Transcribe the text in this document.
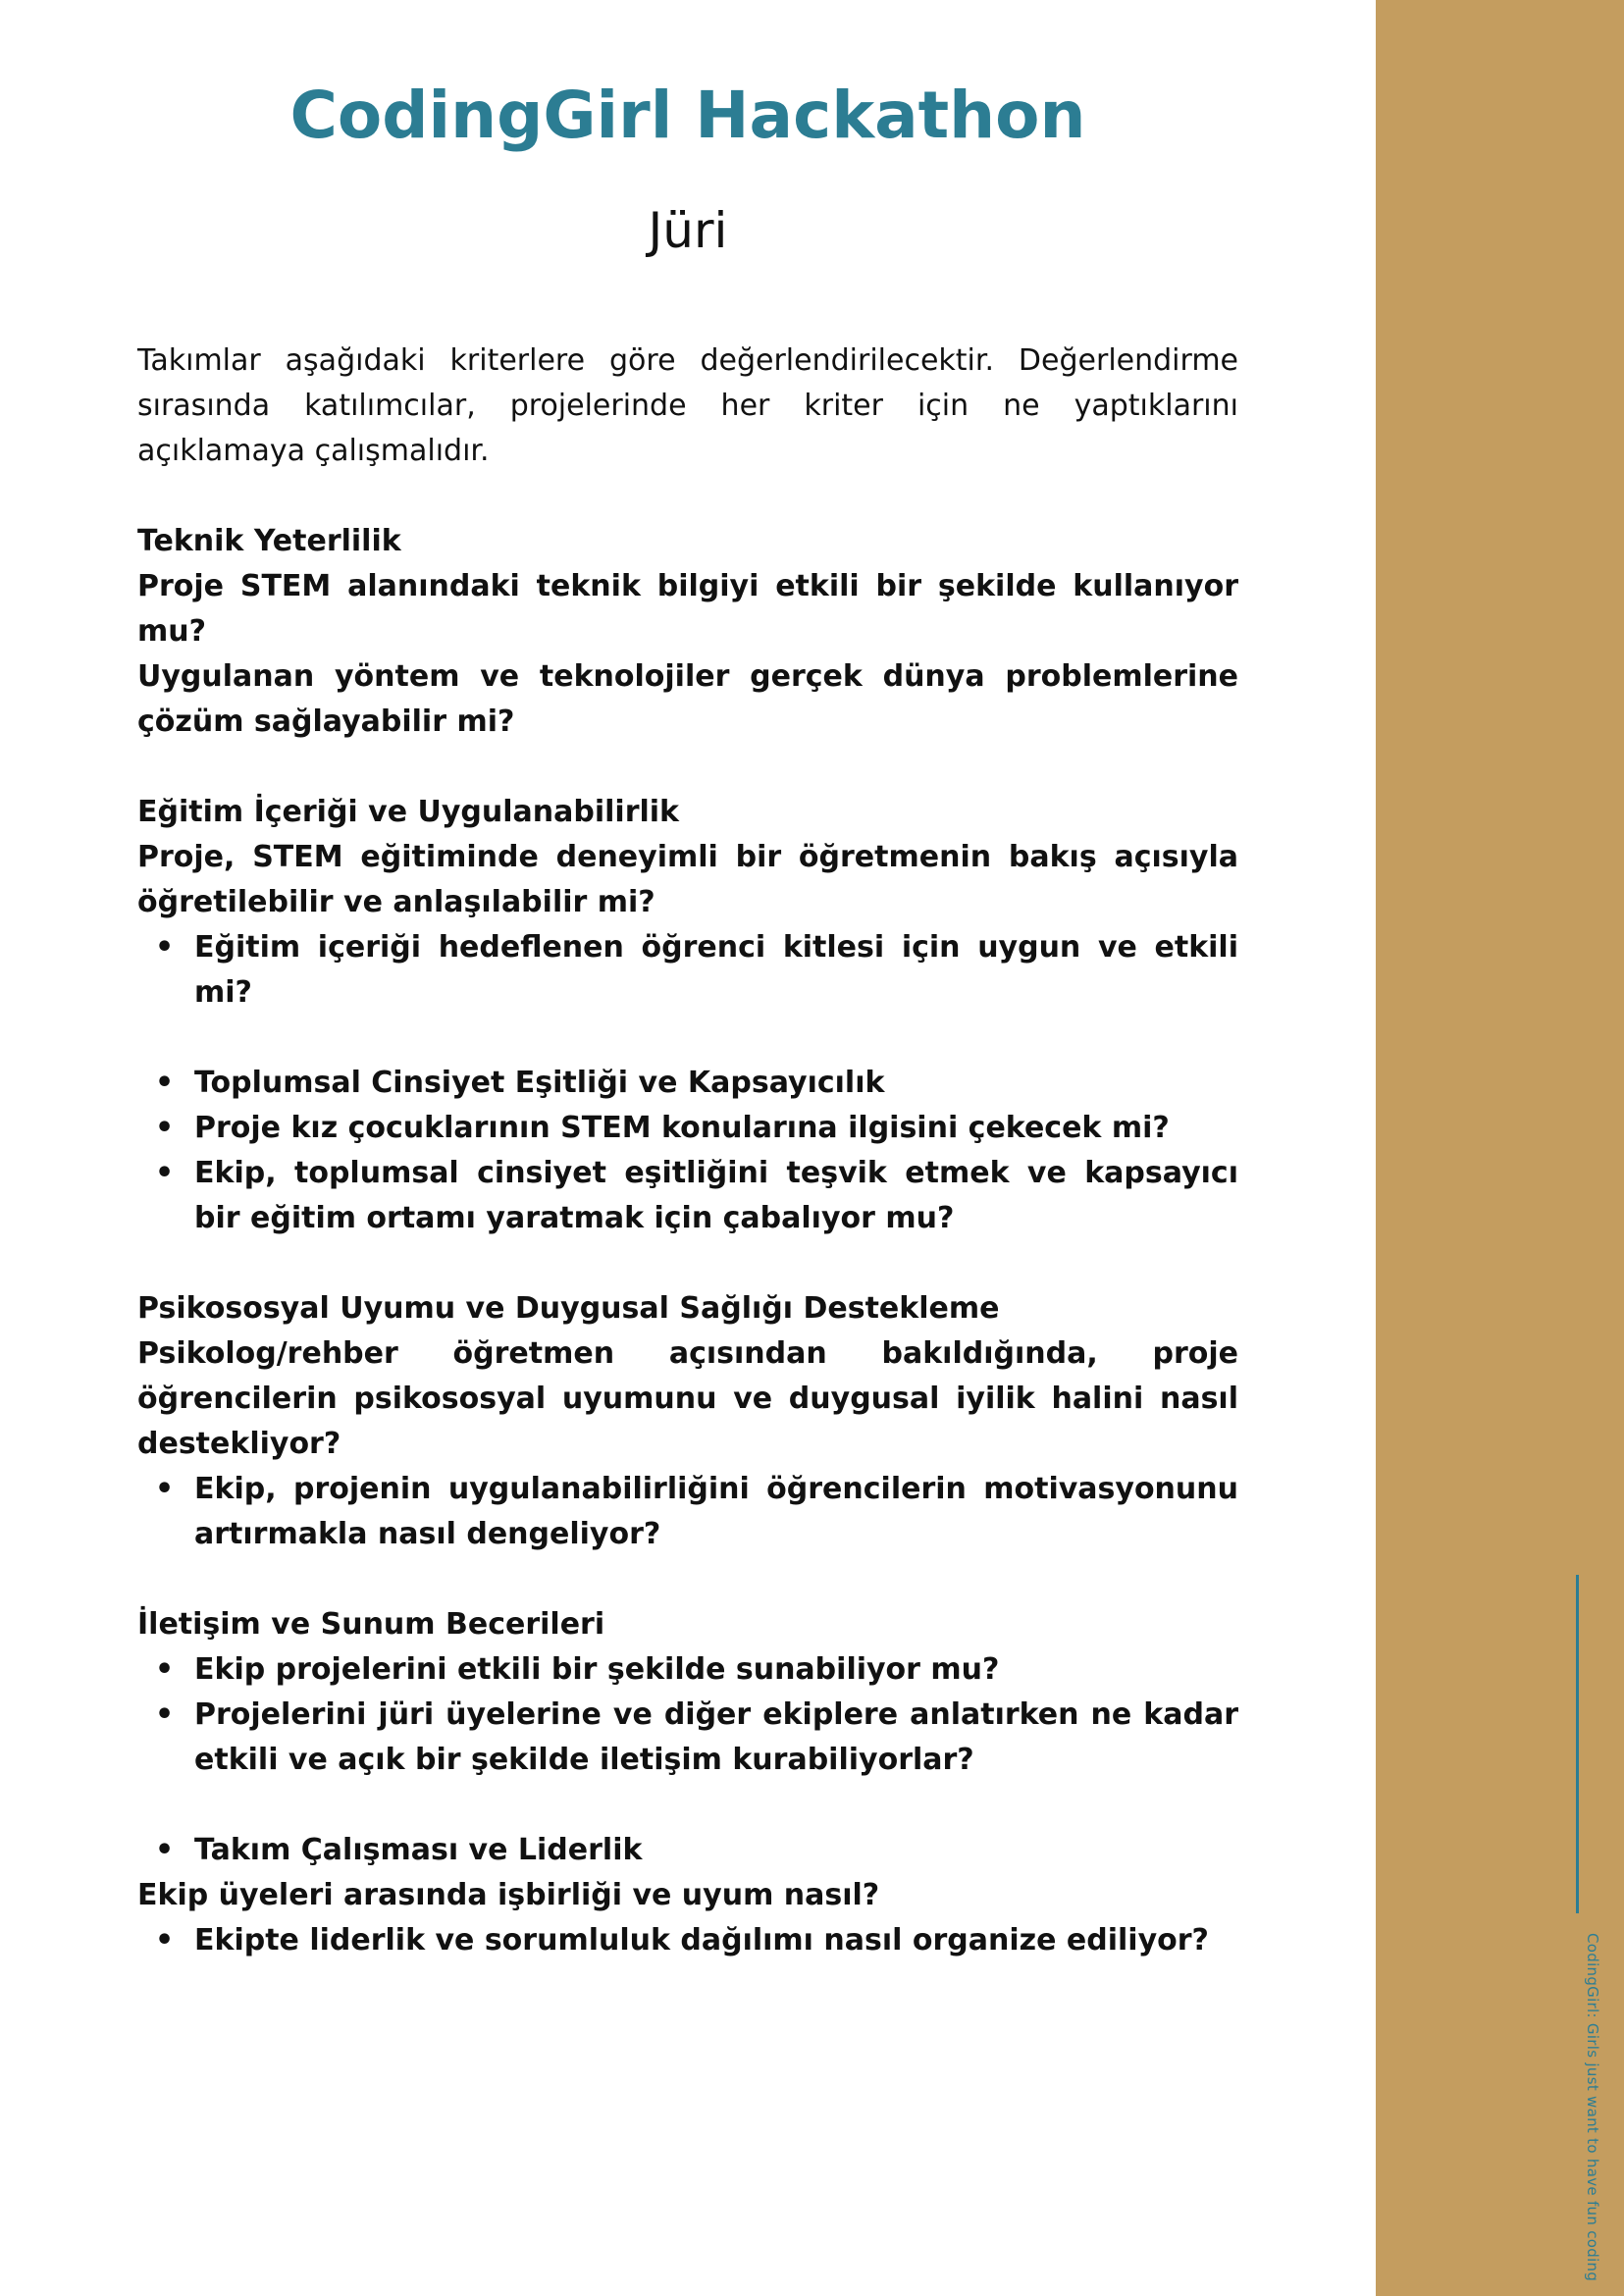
CodingGirl: Girls just want to have fun coding
CodingGirl Hackathon
Jüri

Takımlar aşağıdaki kriterlere göre değerlendirilecektir. Değerlendirme sırasında katılımcılar, projelerinde her kriter için ne yaptıklarını açıklamaya çalışmalıdır.

Teknik Yeterlilik

Proje STEM alanındaki teknik bilgiyi etkili bir şekilde kullanıyor mu?

Uygulanan yöntem ve teknolojiler gerçek dünya problemlerine çözüm sağlayabilir mi?

Eğitim İçeriği ve Uygulanabilirlik

Proje, STEM eğitiminde deneyimli bir öğretmenin bakış açısıyla öğretilebilir ve anlaşılabilir mi?

• Eğitim içeriği hedeflenen öğrenci kitlesi için uygun ve etkili mi?
• Toplumsal Cinsiyet Eşitliği ve Kapsayıcılık
• Proje kız çocuklarının STEM konularına ilgisini çekecek mi?
• Ekip, toplumsal cinsiyet eşitliğini teşvik etmek ve kapsayıcı bir eğitim ortamı yaratmak için çabalıyor mu?

Psikososyal Uyumu ve Duygusal Sağlığı Destekleme

Psikolog/rehber öğretmen açısından bakıldığında, proje öğrencilerin psikososyal uyumunu ve duygusal iyilik halini nasıl destekliyor?

• Ekip, projenin uygulanabilirliğini öğrencilerin motivasyonunu artırmakla nasıl dengeliyor?

İletişim ve Sunum Becerileri

• Ekip projelerini etkili bir şekilde sunabiliyor mu?
• Projelerini jüri üyelerine ve diğer ekiplere anlatırken ne kadar etkili ve açık bir şekilde iletişim kurabiliyorlar?
• Takım Çalışması ve Liderlik

Ekip üyeleri arasında işbirliği ve uyum nasıl?

• Ekipte liderlik ve sorumluluk dağılımı nasıl organize ediliyor?
